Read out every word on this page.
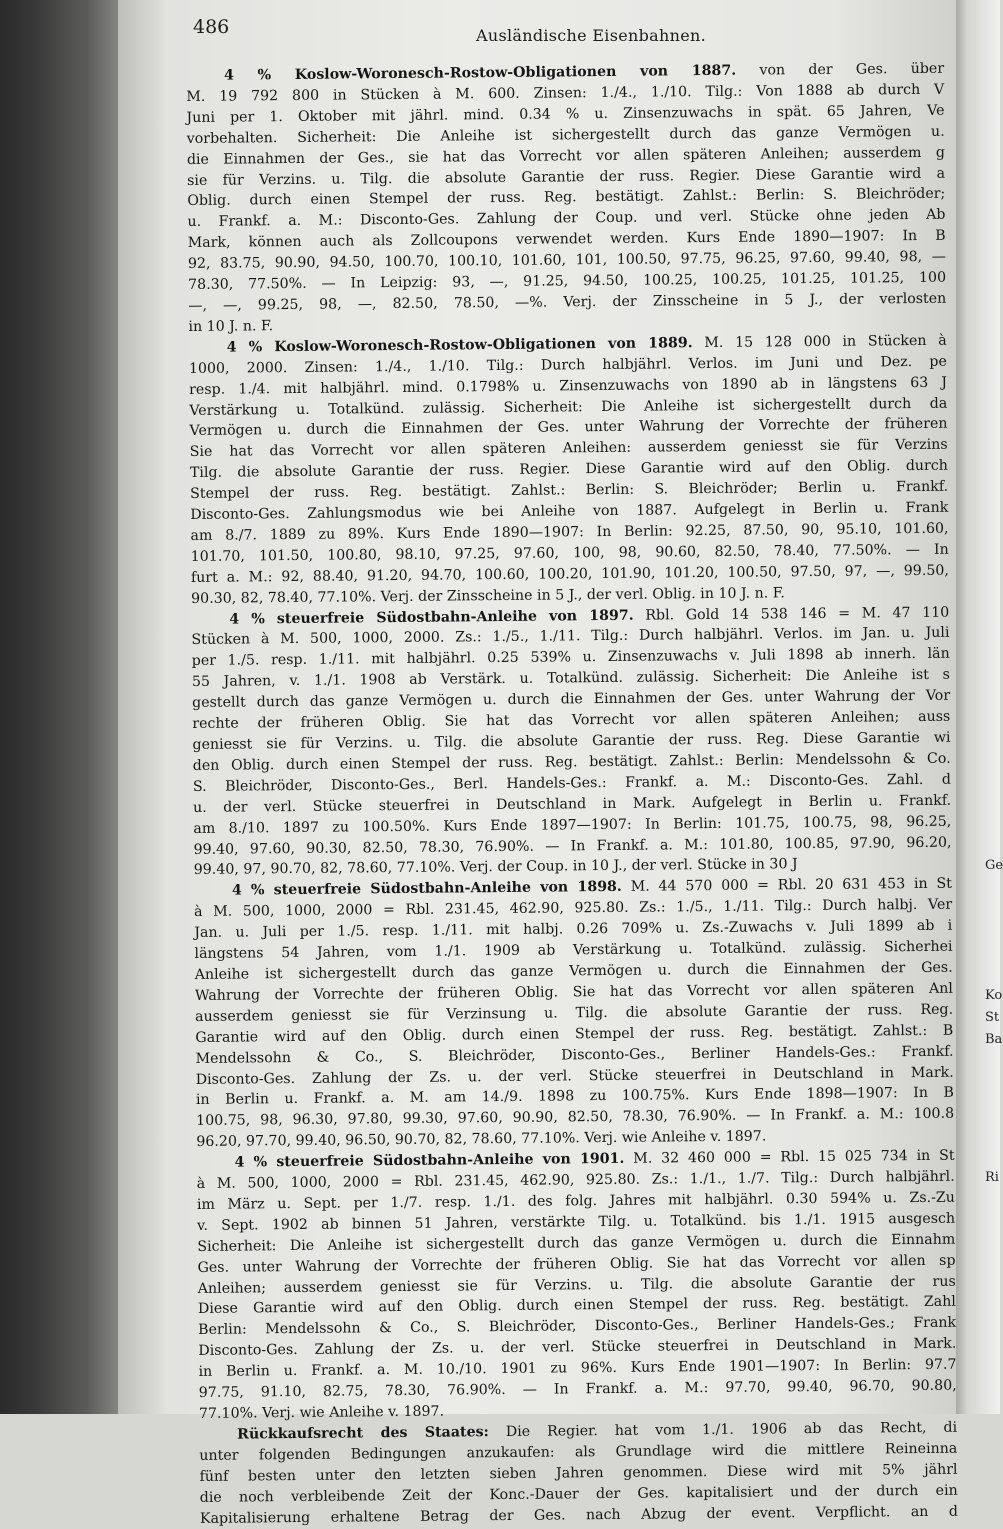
486	Ausländische Eisenbahnen.
4 % Koslow-Woronesch-Rostow-Obligationen von 1887. von der Ges. über
M. 19 792 800 in Stücken à M. 600. Zinsen: 1./4., 1./10. Tilg.: Von 1888 ab durch V
Juni per 1. Oktober mit jährl. mind. 0.34 % u. Zinsenzuwachs in spät. 65 Jahren, Ve
vorbehalten. Sicherheit: Die Anleihe ist sichergestellt durch das ganze Vermögen u.
die Einnahmen der Ges., sie hat das Vorrecht vor allen späteren Anleihen; ausserdem g
sie für Verzins. u. Tilg. die absolute Garantie der russ. Regier. Diese Garantie wird a
Oblig. durch einen Stempel der russ. Reg. bestätigt. Zahlst.: Berlin: S. Bleichröder;
u. Frankf. a. M.: Disconto-Ges. Zahlung der Coup. und verl. Stücke ohne jeden Ab
Mark, können auch als Zollcoupons verwendet werden. Kurs Ende 1890—1907: In B
92, 83.75, 90.90, 94.50, 100.70, 100.10, 101.60, 101, 100.50, 97.75, 96.25, 97.60, 99.40, 98, —
78.30, 77.50%. — In Leipzig: 93, —, 91.25, 94.50, 100.25, 100.25, 101.25, 101.25, 100
—, —, 99.25, 98, —, 82.50, 78.50, —%. Verj. der Zinsscheine in 5 J., der verlosten
in 10 J. n. F.
4 % Koslow-Woronesch-Rostow-Obligationen von 1889. M. 15 128 000 in Stücken à
1000, 2000. Zinsen: 1./4., 1./10. Tilg.: Durch halbjährl. Verlos. im Juni und Dez. pe
resp. 1./4. mit halbjährl. mind. 0.1798% u. Zinsenzuwachs von 1890 ab in längstens 63 J
Verstärkung u. Totalkünd. zulässig. Sicherheit: Die Anleihe ist sichergestellt durch da
Vermögen u. durch die Einnahmen der Ges. unter Wahrung der Vorrechte der früheren
Sie hat das Vorrecht vor allen späteren Anleihen: ausserdem geniesst sie für Verzins
Tilg. die absolute Garantie der russ. Regier. Diese Garantie wird auf den Oblig. durch
Stempel der russ. Reg. bestätigt. Zahlst.: Berlin: S. Bleichröder; Berlin u. Frankf.
Disconto-Ges. Zahlungsmodus wie bei Anleihe von 1887. Aufgelegt in Berlin u. Frank
am 8./7. 1889 zu 89%. Kurs Ende 1890—1907: In Berlin: 92.25, 87.50, 90, 95.10, 101.60,
101.70, 101.50, 100.80, 98.10, 97.25, 97.60, 100, 98, 90.60, 82.50, 78.40, 77.50%. — In
furt a. M.: 92, 88.40, 91.20, 94.70, 100.60, 100.20, 101.90, 101.20, 100.50, 97.50, 97, —, 99.50,
90.30, 82, 78.40, 77.10%. Verj. der Zinsscheine in 5 J., der verl. Oblig. in 10 J. n. F.
4 % steuerfreie Südostbahn-Anleihe von 1897. Rbl. Gold 14 538 146 = M. 47 110
Stücken à M. 500, 1000, 2000. Zs.: 1./5., 1./11. Tilg.: Durch halbjährl. Verlos. im Jan. u. Juli
per 1./5. resp. 1./11. mit halbjährl. 0.25 539% u. Zinsenzuwachs v. Juli 1898 ab innerh. län
55 Jahren, v. 1./1. 1908 ab Verstärk. u. Totalkünd. zulässig. Sicherheit: Die Anleihe ist s
gestellt durch das ganze Vermögen u. durch die Einnahmen der Ges. unter Wahrung der Vor
rechte der früheren Oblig. Sie hat das Vorrecht vor allen späteren Anleihen; auss
geniesst sie für Verzins. u. Tilg. die absolute Garantie der russ. Reg. Diese Garantie wi
den Oblig. durch einen Stempel der russ. Reg. bestätigt. Zahlst.: Berlin: Mendelssohn & Co.
S. Bleichröder, Disconto-Ges., Berl. Handels-Ges.: Frankf. a. M.: Disconto-Ges. Zahl. d
u. der verl. Stücke steuerfrei in Deutschland in Mark. Aufgelegt in Berlin u. Frankf.
am 8./10. 1897 zu 100.50%. Kurs Ende 1897—1907: In Berlin: 101.75, 100.75, 98, 96.25,
99.40, 97.60, 90.30, 82.50, 78.30, 76.90%. — In Frankf. a. M.: 101.80, 100.85, 97.90, 96.20,
99.40, 97, 90.70, 82, 78.60, 77.10%. Verj. der Coup. in 10 J., der verl. Stücke in 30 J
4 % steuerfreie Südostbahn-Anleihe von 1898. M. 44 570 000 = Rbl. 20 631 453 in St
à M. 500, 1000, 2000 = Rbl. 231.45, 462.90, 925.80. Zs.: 1./5., 1./11. Tilg.: Durch halbj. Ver
Jan. u. Juli per 1./5. resp. 1./11. mit halbj. 0.26 709% u. Zs.-Zuwachs v. Juli 1899 ab i
längstens 54 Jahren, vom 1./1. 1909 ab Verstärkung u. Totalkünd. zulässig. Sicherhei
Anleihe ist sichergestellt durch das ganze Vermögen u. durch die Einnahmen der Ges.
Wahrung der Vorrechte der früheren Oblig. Sie hat das Vorrecht vor allen späteren Anl
ausserdem geniesst sie für Verzinsung u. Tilg. die absolute Garantie der russ. Reg.
Garantie wird auf den Oblig. durch einen Stempel der russ. Reg. bestätigt. Zahlst.: B
Mendelssohn & Co., S. Bleichröder, Disconto-Ges., Berliner Handels-Ges.: Frankf.
Disconto-Ges. Zahlung der Zs. u. der verl. Stücke steuerfrei in Deutschland in Mark.
in Berlin u. Frankf. a. M. am 14./9. 1898 zu 100.75%. Kurs Ende 1898—1907: In B
100.75, 98, 96.30, 97.80, 99.30, 97.60, 90.90, 82.50, 78.30, 76.90%. — In Frankf. a. M.: 100.8
96.20, 97.70, 99.40, 96.50, 90.70, 82, 78.60, 77.10%. Verj. wie Anleihe v. 1897.
4 % steuerfreie Südostbahn-Anleihe von 1901. M. 32 460 000 = Rbl. 15 025 734 in St
à M. 500, 1000, 2000 = Rbl. 231.45, 462.90, 925.80. Zs.: 1./1., 1./7. Tilg.: Durch halbjährl.
im März u. Sept. per 1./7. resp. 1./1. des folg. Jahres mit halbjährl. 0.30 594% u. Zs.-Zu
v. Sept. 1902 ab binnen 51 Jahren, verstärkte Tilg. u. Totalkünd. bis 1./1. 1915 ausgesch
Sicherheit: Die Anleihe ist sichergestellt durch das ganze Vermögen u. durch die Einnahm
Ges. unter Wahrung der Vorrechte der früheren Oblig. Sie hat das Vorrecht vor allen sp
Anleihen; ausserdem geniesst sie für Verzins. u. Tilg. die absolute Garantie der rus
Diese Garantie wird auf den Oblig. durch einen Stempel der russ. Reg. bestätigt. Zahl
Berlin: Mendelssohn & Co., S. Bleichröder, Disconto-Ges., Berliner Handels-Ges.; Frank
Disconto-Ges. Zahlung der Zs. u. der verl. Stücke steuerfrei in Deutschland in Mark.
in Berlin u. Frankf. a. M. 10./10. 1901 zu 96%. Kurs Ende 1901—1907: In Berlin: 97.7
97.75, 91.10, 82.75, 78.30, 76.90%. — In Frankf. a. M.: 97.70, 99.40, 96.70, 90.80,
77.10%. Verj. wie Anleihe v. 1897.
Rückkaufsrecht des Staates: Die Regier. hat vom 1./1. 1906 ab das Recht, di
unter folgenden Bedingungen anzukaufen: als Grundlage wird die mittlere Reineinna
fünf besten unter den letzten sieben Jahren genommen. Diese wird mit 5% jährl
die noch verbleibende Zeit der Konc.-Dauer der Ges. kapitalisiert und der durch ein
Kapitalisierung erhaltene Betrag der Ges. nach Abzug der event. Verpflicht. an d
Ge
Ko
St
Ba
Ri
